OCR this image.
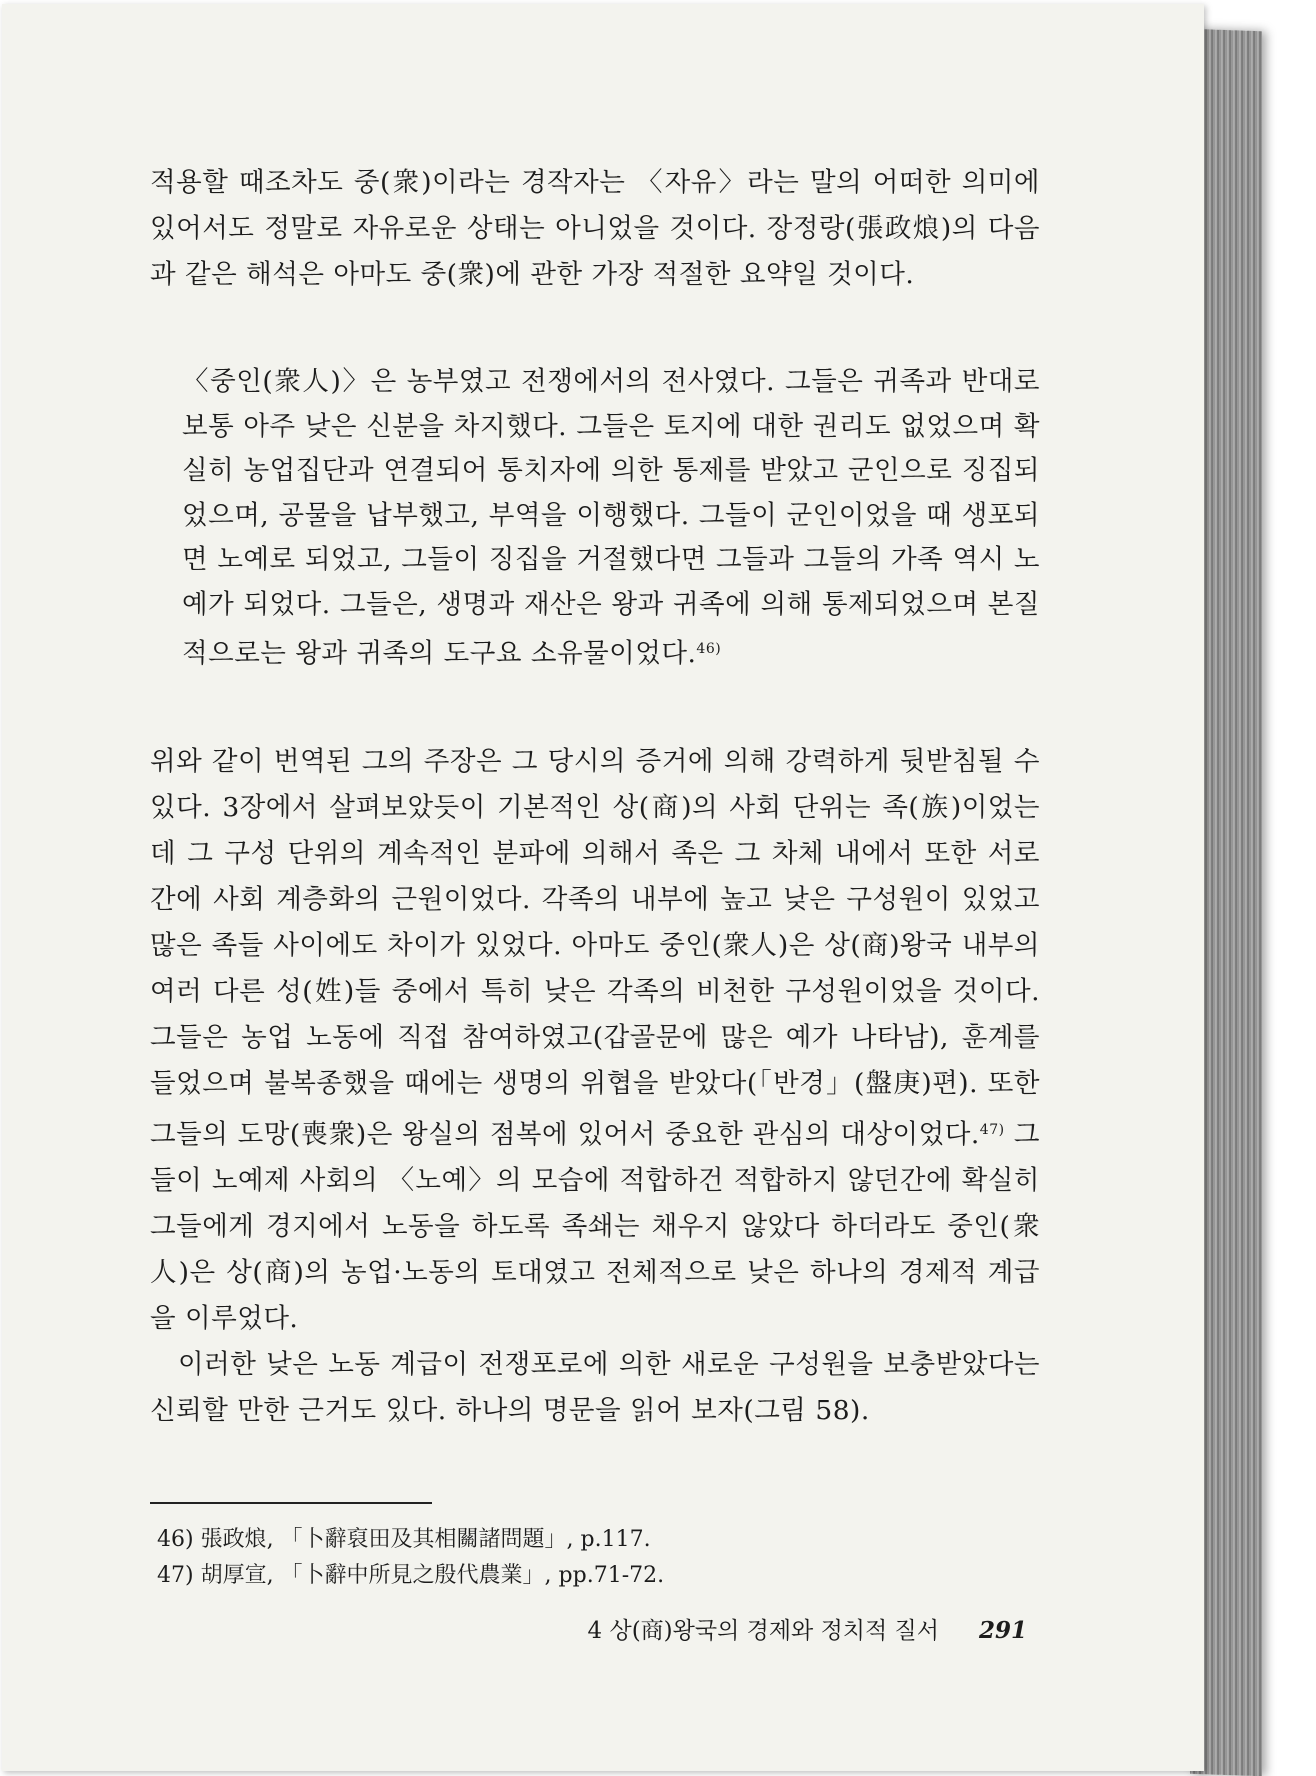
적용할 때조차도 중(衆)이라는 경작자는 〈자유〉라는 말의 어떠한 의미에 있어서도 정말로 자유로운 상태는 아니었을 것이다. 장정랑(張政烺)의 다음과 같은 해석은 아마도 중(衆)에 관한 가장 적절한 요약일 것이다.

〈중인(衆人)〉은 농부였고 전쟁에서의 전사였다. 그들은 귀족과 반대로 보통 아주 낮은 신분을 차지했다. 그들은 토지에 대한 권리도 없었으며 확실히 농업집단과 연결되어 통치자에 의한 통제를 받았고 군인으로 징집되었으며, 공물을 납부했고, 부역을 이행했다. 그들이 군인이었을 때 생포되면 노예로 되었고, 그들이 징집을 거절했다면 그들과 그들의 가족 역시 노예가 되었다. 그들은, 생명과 재산은 왕과 귀족에 의해 통제되었으며 본질적으로는 왕과 귀족의 도구요 소유물이었다.$^{46)}$

위와 같이 번역된 그의 주장은 그 당시의 증거에 의해 강력하게 뒷받침될 수 있다. 3장에서 살펴보았듯이 기본적인 상(商)의 사회 단위는 족(族)이었는데 그 구성 단위의 계속적인 분파에 의해서 족은 그 차체 내에서 또한 서로간에 사회 계층화의 근원이었다. 각족의 내부에 높고 낮은 구성원이 있었고 많은 족들 사이에도 차이가 있었다. 아마도 중인(衆人)은 상(商)왕국 내부의 여러 다른 성(姓)들 중에서 특히 낮은 각족의 비천한 구성원이었을 것이다. 그들은 농업 노동에 직접 참여하였고(갑골문에 많은 예가 나타남), 훈계를 들었으며 불복종했을 때에는 생명의 위협을 받았다(「반경」(盤庚)편). 또한 그들의 도망(喪衆)은 왕실의 점복에 있어서 중요한 관심의 대상이었다.$^{47)}$ 그들이 노예제 사회의 〈노예〉의 모습에 적합하건 적합하지 않던간에 확실히 그들에게 경지에서 노동을 하도록 족쇄는 채우지 않았다 하더라도 중인(衆人)은 상(商)의 농업·노동의 토대였고 전체적으로 낮은 하나의 경제적 계급을 이루었다.

이러한 낮은 노동 계급이 전쟁포로에 의한 새로운 구성원을 보충받았다는 신뢰할 만한 근거도 있다. 하나의 명문을 읽어 보자(그림 58).

46) 張政烺, 「卜辭裒田及其相關諸問題」, p.117.

47) 胡厚宣, 「卜辭中所見之殷代農業」, pp.71-72.

4 상(商)왕국의 경제와 정치적 질서 291
